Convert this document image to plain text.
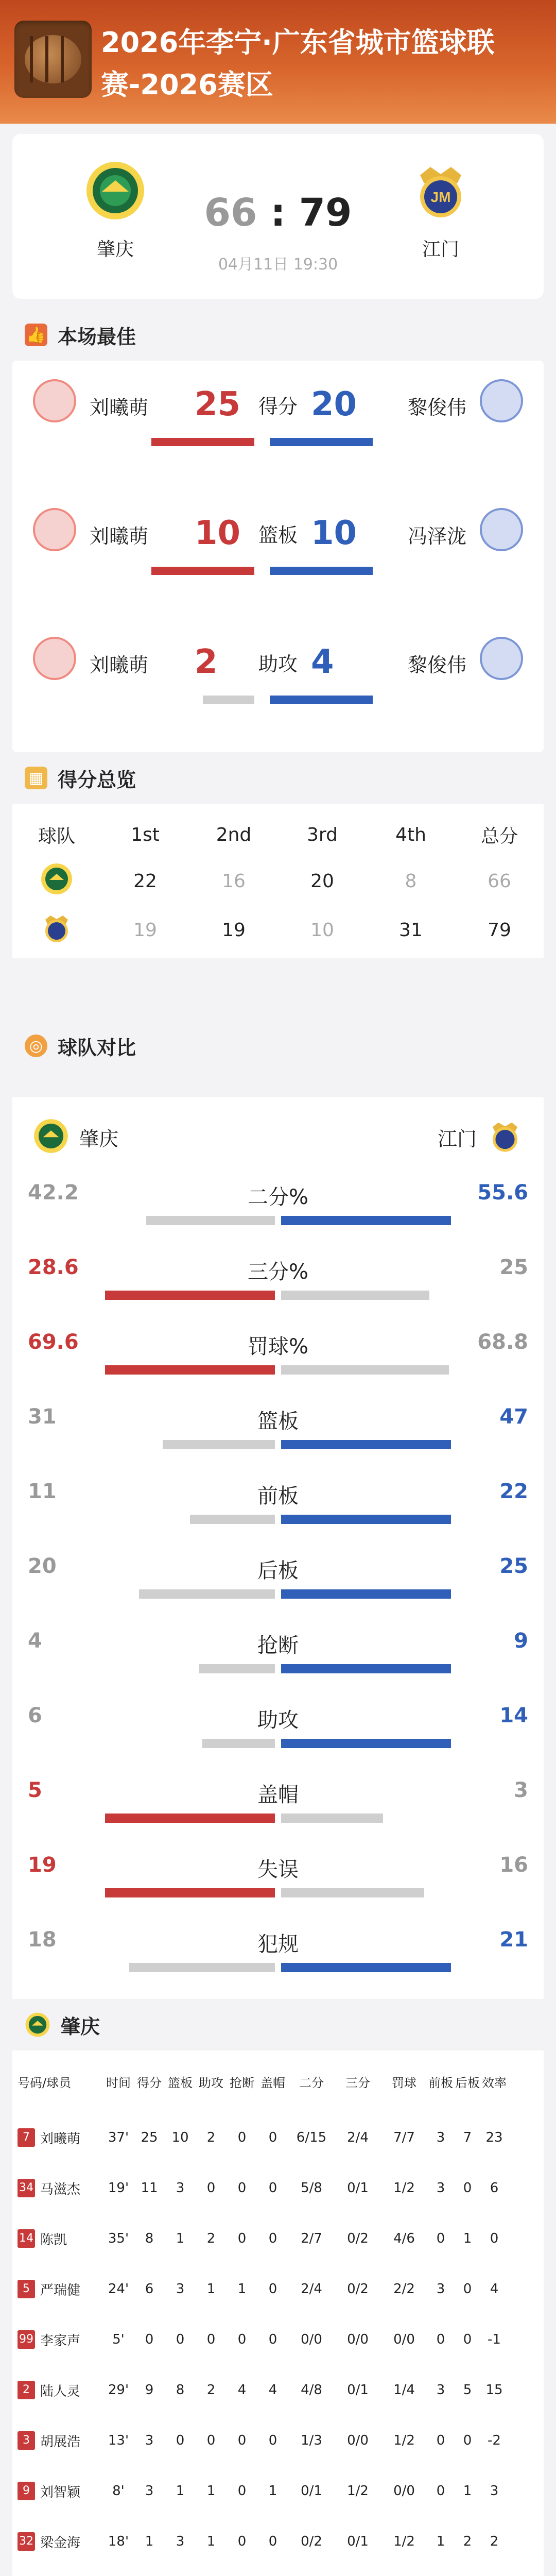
2026年李宁·广东省城市篮球联赛-2026赛区
肇庆
66 : 79
04月11日 19:30
JM
江门
👍 本场最佳
刘曦萌 25 得分 20	黎俊伟
刘曦萌 10 篮板 10	冯泽泷
刘曦萌 2	助攻 4	黎俊伟
▦ 得分总览
球队	1st	2nd	3rd	4th	总分
22	16	20	8	66
19	19	10	31	79
◎ 球队对比
肇庆	江门
42.2	二分%	55.6
28.6	三分%	25
69.6	罚球%	68.8
31	篮板	47
11	前板	22
20	后板	25
4	抢断	9
6	助攻	14
5	盖帽	3
19	失误	16
18	犯规	21
肇庆
号码/球员	时间 得分 篮板 助攻 抢断 盖帽	二分	三分	罚球 前板 后板 效率
7 刘曦萌	37' 25	10	2	0	0	6/15	2/4	7/7	3	7	23
34 马滋杰	19' 11	3	0	0	0	5/8	0/1	1/2	3	0	6
14 陈凯	35'	8	1	2	0	0	2/7	0/2	4/6	0	1	0
5 严瑞健	24'	6	3	1	1	0	2/4	0/2	2/2	3	0	4
99 李家声	5'	0	0	0	0	0	0/0	0/0	0/0	0	0	-1
2 陆人灵	29'	9	8	2	4	4	4/8	0/1	1/4	3	5	15
3 胡展浩	13'	3	0	0	0	0	1/3	0/0	1/2	0	0	-2
9 刘智颖	8'	3	1	1	0	1	0/1	1/2	0/0	0	1	3
32 梁金海	18'	1	3	1	0	0	0/2	0/1	1/2	1	2	2
